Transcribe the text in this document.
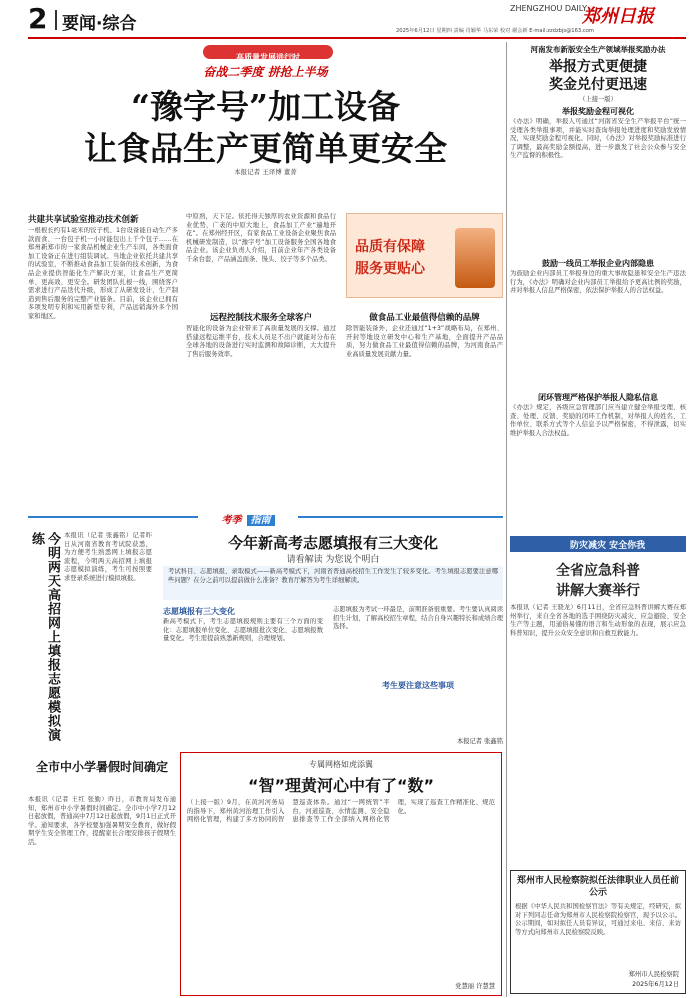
2 要闻·综合
ZHENGZHOU DAILY
郑州日报
2025年6月12日 星期四 责编 肖颖华 马东荣 校对 谢会新 E-mail:zzdzbjs@163.com
高质量发展进行时
奋战二季度 拼抢上半场
“豫字号”加工设备
让食品生产更简单更安全
本报记者 王译博 董菁
共建共享试验室推动技术创新
一根根长约有1毫米的饺子机、1台设备能自动生产多款面食、一台包子机一小时能包出上千个包子……在郑州新郑市的一家食品机械企业生产车间，各类面食加工设备正在进行组装调试。当地企业依托共建共享的试验室，不断推动食品加工装备的技术创新，为食品企业提供智能化生产解决方案，让食品生产更简单、更高效、更安全。研发团队扎根一线，围绕客户需求进行产品迭代升级，形成了从研发设计、生产制造到售后服务的完整产业链条。目前，该企业已拥有多项发明专利和实用新型专利，产品远销海外多个国家和地区。
中原熟，天下足。依托得天独厚的农业资源和食品行业优势，广袤的中原大地上，食品加工产业“遍地开花”。在郑州经开区，有家食品工业设备企业聚焦食品机械研发制造，以“豫字号”加工设备服务全国各地食品企业。该企业负责人介绍，目前企业年产各类设备千余台套，产品涵盖面条、馒头、饺子等多个品类。
远程控制技术服务全球客户
智能化的设备为企业带来了高质量发展的支撑。通过搭建远程运维平台，技术人员足不出户就能对分布在全球各地的设备进行实时监测和故障诊断，大大提升了售后服务效率。
品质有保障
服务更贴心
做食品工业最值得信赖的品牌
除智能装备外，企业还通过“1+3”战略布局，在郑州、开封等地设立研发中心和生产基地，全面提升产品品质，努力做食品工业最值得信赖的品牌，为河南食品产业高质量发展贡献力量。
河南发布新版安全生产领域举报奖励办法
举报方式更便捷
奖金兑付更迅速
（上接一版）
举报奖励金程可视化
《办法》明确，举报人可通过“河南省安全生产举报平台”统一受理各类举报事项，并能实时查询举报处理进度和奖励发放情况，实现奖励金程可视化。同时，《办法》对举报奖励标准进行了调整，最高奖励金额提高，进一步激发了社会公众参与安全生产监督的积极性。
鼓励一线员工举报企业内部隐患
为鼓励企业内部员工举报身边的重大事故隐患和安全生产违法行为，《办法》明确对企业内部员工举报给予更高比例的奖励，并对举报人信息严格保密，依法保护举报人的合法权益。
闭环管理严格保护举报人隐私信息
《办法》规定，各级应急管理部门应当建立健全举报受理、核查、处理、反馈、奖励的闭环工作机制，对举报人的姓名、工作单位、联系方式等个人信息予以严格保密，不得泄露，切实维护举报人合法权益。
防灾减灾 安全你我
全省应急科普
讲解大赛举行
本报讯（记者 王骁龙）6月11日，全省应急科普讲解大赛在郑州举行，来自全省各地的选手围绕防灾减灾、应急避险、安全生产等主题，用通俗易懂的语言和生动形象的表现，展示应急科普知识，提升公众安全意识和自救互救能力。
郑州市人民检察院拟任法律职业人员任前公示
根据《中华人民共和国检察官法》等有关规定，经研究，拟对下列同志任命为郑州市人民检察院检察官，现予以公示。公示期间，如对拟任人员有异议，可通过来电、来信、来访等方式向郑州市人民检察院反映。
郑州市人民检察院
2025年6月12日
考季 指南
今明两天高招网上填报志愿模拟演练	本报讯（记者 张鑫铭）记者昨日从河南省教育考试院获悉，为方便考生熟悉网上填报志愿流程，今明两天高招网上填报志愿模拟演练，考生可按照要求登录系统进行模拟填报。
今年新高考志愿填报有三大变化
请看解读 为您说个明白
考试科目、志愿填报、录取模式——新高考模式下，河南省普通高校招生工作发生了较多变化。考生填报志愿要注意哪些问题？在分之前可以提前做什么准备？教育厅解答为考生详细解读。
志愿填报有三大变化
新高考模式下，考生志愿填报规则主要有三个方面的变化：志愿填报单位变化、志愿填报批次变化、志愿填报数量变化。考生需提前熟悉新规则，合理规划。
考生要注意这些事项
志愿填报为考试一环最是，前期准备很重要。考生要认真阅读招生计划，了解高校招生章程，结合自身兴趣特长和成绩合理选择。
本报记者 张鑫铭
全市中小学暑假时间确定
本报讯（记者 王红 张勤）昨日，市教育局发布通知，郑州市中小学暑假时间确定。全市中小学7月12日起放假，普通高中7月12日起放假，9月1日正式开学。通知要求，各学校要加强暑期安全教育，做好假期学生安全管理工作，提醒家长合理安排孩子假期生活。
专属网格如虎添翼
“智”理黄河心中有了“数”
（上接一版）9月，在黄河河务局的指导下，郑州黄河治理工作引入网格化管理，构建了多方协同的智慧巡查体系。通过“一网统管”平台，河道巡查、水情监测、安全隐患排查等工作全部纳入网格化管理，实现了巡查工作精准化、规范化。
党慧丽 许慧慧
